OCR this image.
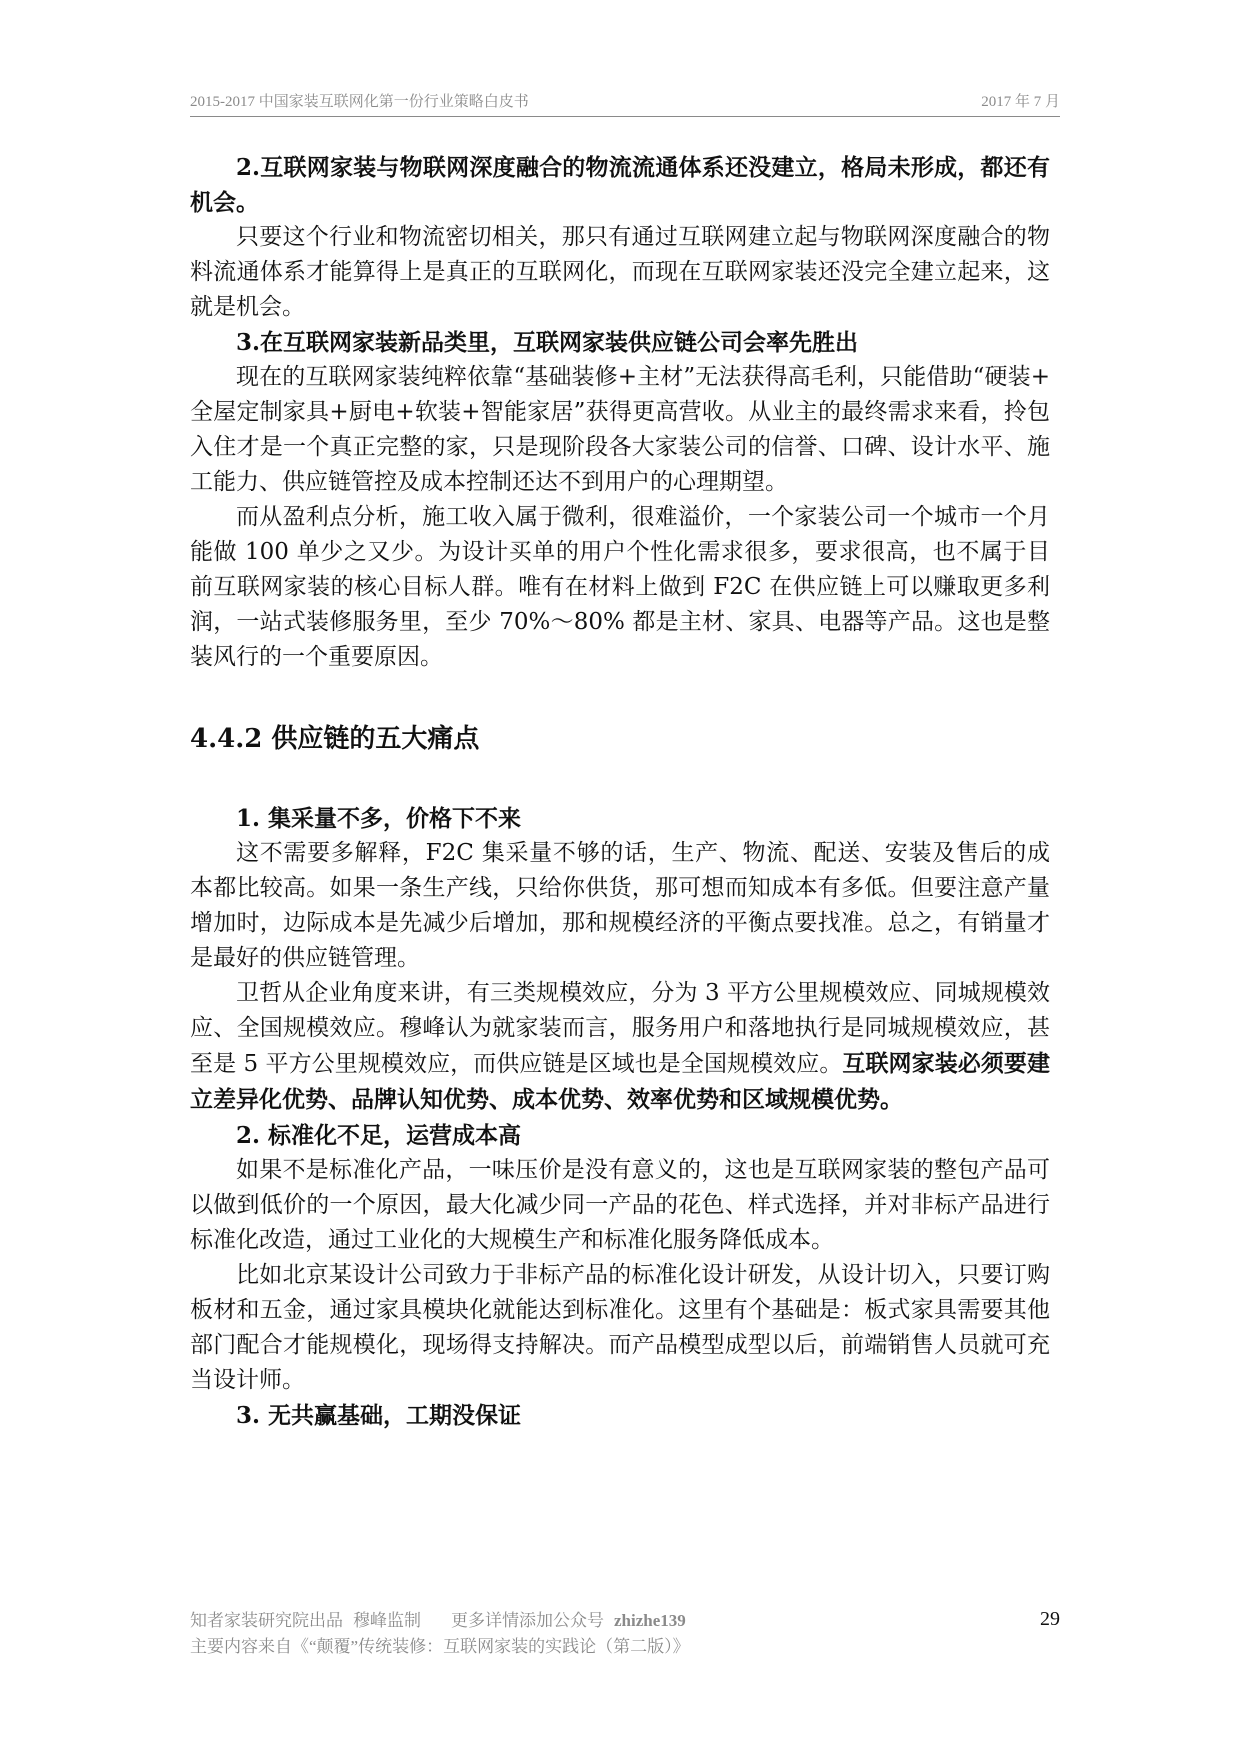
2015-2017 中国家装互联网化第一份行业策略白皮书	2017 年 7 月

2.互联网家装与物联网深度融合的物流流通体系还没建立，格局未形成，都还有机会。

只要这个行业和物流密切相关，那只有通过互联网建立起与物联网深度融合的物料流通体系才能算得上是真正的互联网化，而现在互联网家装还没完全建立起来，这就是机会。

3.在互联网家装新品类里，互联网家装供应链公司会率先胜出

现在的互联网家装纯粹依靠“基础装修+主材”无法获得高毛利，只能借助“硬装+ 全屋定制家具+厨电+软装+智能家居”获得更高营收。从业主的最终需求来看，拎包入住才是一个真正完整的家，只是现阶段各大家装公司的信誉、口碑、设计水平、施工能力、供应链管控及成本控制还达不到用户的心理期望。

而从盈利点分析，施工收入属于微利，很难溢价，一个家装公司一个城市一个月能做 100 单少之又少。为设计买单的用户个性化需求很多，要求很高，也不属于目前互联网家装的核心目标人群。唯有在材料上做到 F2C 在供应链上可以赚取更多利润，一站式装修服务里，至少 70%～80% 都是主材、家具、电器等产品。这也是整装风行的一个重要原因。

4.4.2 供应链的五大痛点

1. 集采量不多，价格下不来

这不需要多解释，F2C 集采量不够的话，生产、物流、配送、安装及售后的成本都比较高。如果一条生产线，只给你供货，那可想而知成本有多低。但要注意产量增加时，边际成本是先减少后增加，那和规模经济的平衡点要找准。总之，有销量才是最好的供应链管理。

卫哲从企业角度来讲，有三类规模效应，分为 3 平方公里规模效应、同城规模效应、全国规模效应。穆峰认为就家装而言，服务用户和落地执行是同城规模效应，甚至是 5 平方公里规模效应，而供应链是区域也是全国规模效应。互联网家装必须要建立差异化优势、品牌认知优势、成本优势、效率优势和区域规模优势。

2. 标准化不足，运营成本高

如果不是标准化产品，一味压价是没有意义的，这也是互联网家装的整包产品可以做到低价的一个原因，最大化减少同一产品的花色、样式选择，并对非标产品进行标准化改造，通过工业化的大规模生产和标准化服务降低成本。

比如北京某设计公司致力于非标产品的标准化设计研发，从设计切入，只要订购板材和五金，通过家具模块化就能达到标准化。这里有个基础是：板式家具需要其他部门配合才能规模化，现场得支持解决。而产品模型成型以后，前端销售人员就可充当设计师。

3. 无共赢基础，工期没保证

知者家装研究院出品 穆峰监制 更多详情添加公众号 zhizhe139
主要内容来自《“颠覆”传统装修：互联网家装的实践论（第二版）》
29
